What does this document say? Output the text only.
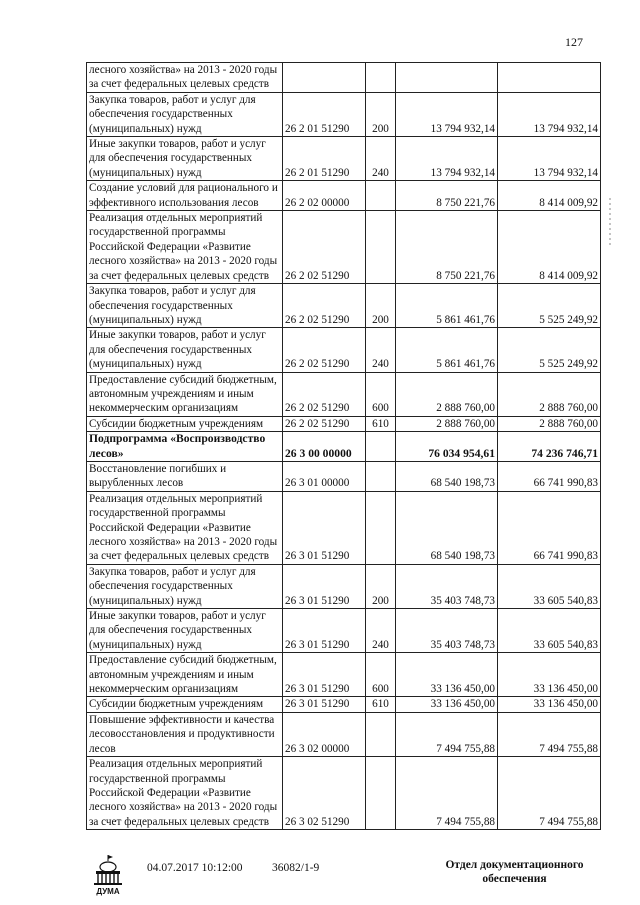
127
лесного хозяйства» на 2013 - 2020 годы
за счет федеральных целевых средств				

Закупка товаров, работ и услуг для
обеспечения государственных
(муниципальных) нужд	26 2 01 51290	200	13 794 932,14	13 794 932,14

Иные закупки товаров, работ и услуг
для обеспечения государственных
(муниципальных) нужд	26 2 01 51290	240	13 794 932,14	13 794 932,14

Создание условий для рационального и
эффективного использования лесов	26 2 02 00000		8 750 221,76	8 414 009,92

Реализация отдельных мероприятий
государственной программы
Российской Федерации «Развитие
лесного хозяйства» на 2013 - 2020 годы
за счет федеральных целевых средств	26 2 02 51290		8 750 221,76	8 414 009,92

Закупка товаров, работ и услуг для
обеспечения государственных
(муниципальных) нужд	26 2 02 51290	200	5 861 461,76	5 525 249,92

Иные закупки товаров, работ и услуг
для обеспечения государственных
(муниципальных) нужд	26 2 02 51290	240	5 861 461,76	5 525 249,92

Предоставление субсидий бюджетным,
автономным учреждениям и иным
некоммерческим организациям	26 2 02 51290	600	2 888 760,00	2 888 760,00

Субсидии бюджетным учреждениям	26 2 02 51290	610	2 888 760,00	2 888 760,00

Подпрограмма «Воспроизводство
лесов»	26 3 00 00000		76 034 954,61	74 236 746,71

Восстановление погибших и
вырубленных лесов	26 3 01 00000		68 540 198,73	66 741 990,83

Реализация отдельных мероприятий
государственной программы
Российской Федерации «Развитие
лесного хозяйства» на 2013 - 2020 годы
за счет федеральных целевых средств	26 3 01 51290		68 540 198,73	66 741 990,83

Закупка товаров, работ и услуг для
обеспечения государственных
(муниципальных) нужд	26 3 01 51290	200	35 403 748,73	33 605 540,83

Иные закупки товаров, работ и услуг
для обеспечения государственных
(муниципальных) нужд	26 3 01 51290	240	35 403 748,73	33 605 540,83

Предоставление субсидий бюджетным,
автономным учреждениям и иным
некоммерческим организациям	26 3 01 51290	600	33 136 450,00	33 136 450,00

Субсидии бюджетным учреждениям	26 3 01 51290	610	33 136 450,00	33 136 450,00

Повышение эффективности и качества
лесовосстановления и продуктивности
лесов	26 3 02 00000		7 494 755,88	7 494 755,88

Реализация отдельных мероприятий
государственной программы
Российской Федерации «Развитие
лесного хозяйства» на 2013 - 2020 годы
за счет федеральных целевых средств	26 3 02 51290		7 494 755,88	7 494 755,88
ДУМА
04.07.2017 10:12:00	36082/1-9	Отдел документационного
обеспечения
